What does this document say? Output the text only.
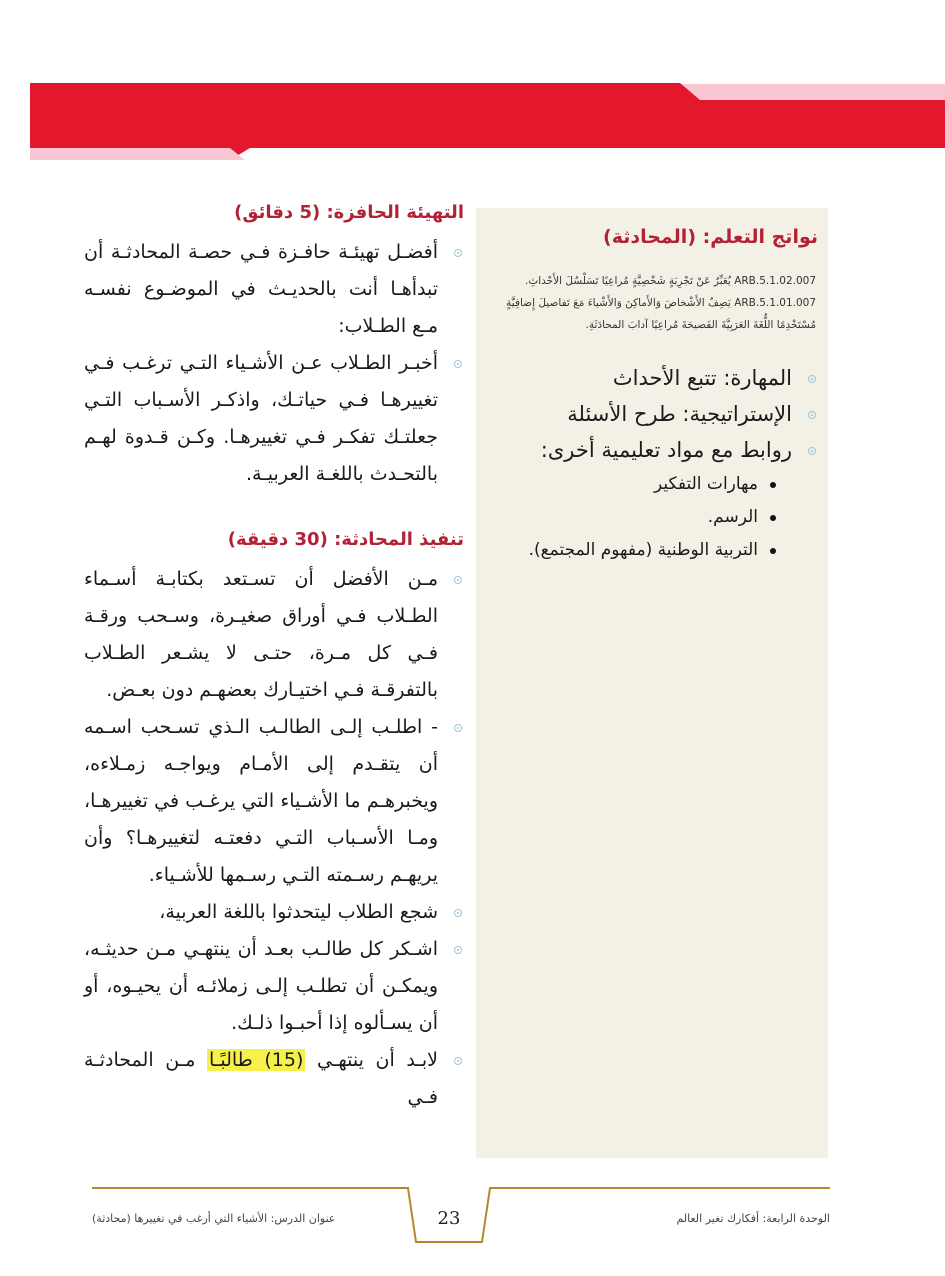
التهيئة الحافزة: (5 دقائق)
أفضـل تهيئـة حافـزة فـي حصـة المحادثـة أن تبدأهـا أنت بالحديـث في الموضـوع نفسـه مـع الطـلاب:
أخبـر الطـلاب عـن الأشـياء التـي ترغـب فـي تغييرهـا فـي حياتـك، واذكـر الأسـباب التـي جعلتـك تفكـر فـي تغييرهـا. وكـن قـدوة لهـم بالتحـدث باللغـة العربيـة.
تنفيذ المحادثة: (30 دقيقة)
مـن الأفضل أن تسـتعد بكتابـة أسـماء الطـلاب فـي أوراق صغيـرة، وسـحب ورقـة فـي كل مـرة، حتـى لا يشـعر الطـلاب بالتفرقـة فـي اختيـارك بعضهـم دون بعـض.
- اطلـب إلـى الطالـب الـذي تسـحب اسـمه أن يتقـدم إلى الأمـام ويواجـه زمـلاءه، ويخبرهـم ما الأشـياء التي يرغـب في تغييرهـا، ومـا الأسـباب التـي دفعتـه لتغييرهـا؟ وأن يريهـم رسـمته التـي رسـمها للأشـياء.
شجع الطلاب ليتحدثوا باللغة العربية،
اشـكر كل طالـب بعـد أن ينتهـي مـن حديثـه، ويمكـن أن تطلـب إلـى زملائـه أن يحيـوه، أو أن يسـألوه إذا أحبـوا ذلـك.
لابـد أن ينتهـي (15) طالبًـا مـن المحادثـة فـي
نواتج التعلم: (المحادثة)
ARB.5.1.02.007 يُعَبِّرُ عَنْ تَجْرِبَةٍ شَخْصِيَّةٍ مُراعِيًا تَسَلْسُلَ الأَحْداثِ.
ARB.5.1.01.007 يَصِفُ الأَشْخاصَ وَالأَماكِنَ وَالأَشْياءَ مَعَ تَفاصيلَ إِضافِيَّةٍ مُسْتَخْدِمًا اللُّغَةَ العَرَبِيَّةَ الفَصيحَةَ مُراعِيًا آدابَ المحادَثَةِ.
المهارة: تتبع الأحداث
الإستراتيجية: طرح الأسئلة
روابط مع مواد تعليمية أخرى:
مهارات التفكير
الرسم.
التربية الوطنية (مفهوم المجتمع).
الوحدة الرابعة: أفكارك تغير العالم
23
عنوان الدرس: الأشياء التي أرغب في تغييرها (محادثة)
